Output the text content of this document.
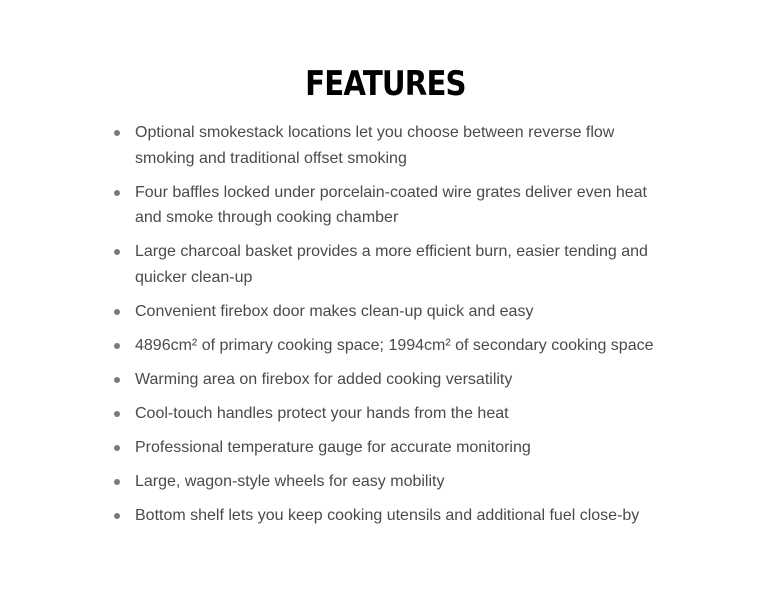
FEATURES
Optional smokestack locations let you choose between reverse flow smoking and traditional offset smoking
Four baffles locked under porcelain-coated wire grates deliver even heat and smoke through cooking chamber
Large charcoal basket provides a more efficient burn, easier tending and quicker clean-up
Convenient firebox door makes clean-up quick and easy
4896cm² of primary cooking space; 1994cm² of secondary cooking space
Warming area on firebox for added cooking versatility
Cool-touch handles protect your hands from the heat
Professional temperature gauge for accurate monitoring
Large, wagon-style wheels for easy mobility
Bottom shelf lets you keep cooking utensils and additional fuel close-by
